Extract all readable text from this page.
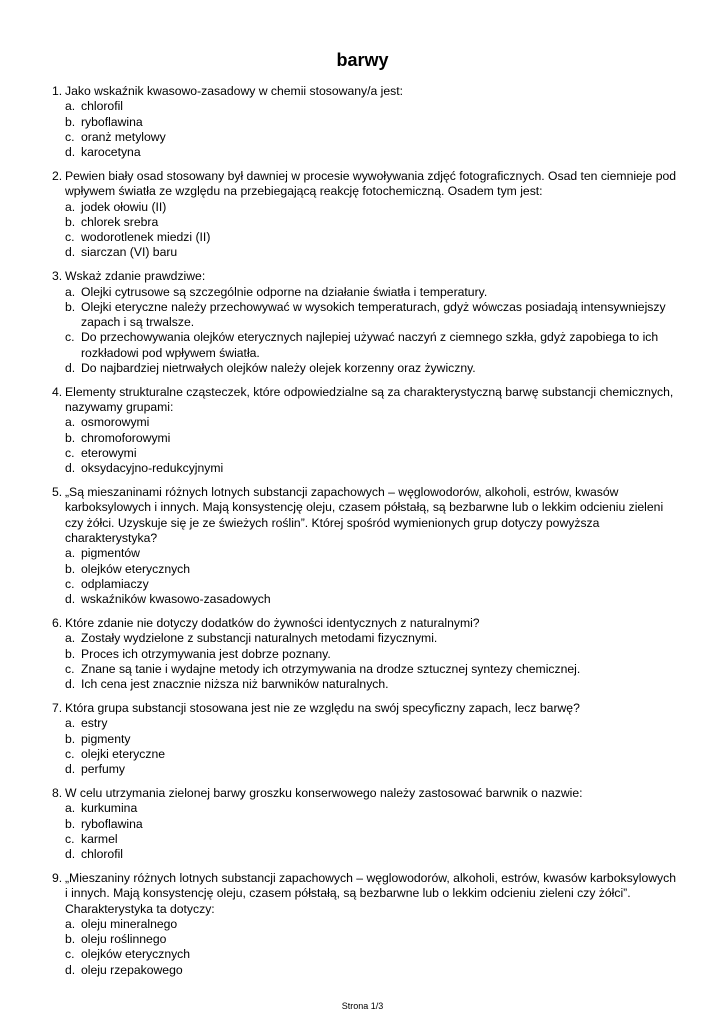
barwy
1. Jako wskaźnik kwasowo-zasadowy w chemii stosowany/a jest:
a. chlorofil
b. ryboflawina
c. oranż metylowy
d. karocetyna
2. Pewien biały osad stosowany był dawniej w procesie wywoływania zdjęć fotograficznych. Osad ten ciemnieje pod wpływem światła ze względu na przebiegającą reakcję fotochemiczną. Osadem tym jest:
a. jodek ołowiu (II)
b. chlorek srebra
c. wodorotlenek miedzi (II)
d. siarczan (VI) baru
3. Wskaż zdanie prawdziwe:
a. Olejki cytrusowe są szczególnie odporne na działanie światła i temperatury.
b. Olejki eteryczne należy przechowywać w wysokich temperaturach, gdyż wówczas posiadają intensywniejszy zapach i są trwalsze.
c. Do przechowywania olejków eterycznych najlepiej używać naczyń z ciemnego szkła, gdyż zapobiega to ich rozkładowi pod wpływem światła.
d. Do najbardziej nietrwałych olejków należy olejek korzenny oraz żywiczny.
4. Elementy strukturalne cząsteczek, które odpowiedzialne są za charakterystyczną barwę substancji chemicznych, nazywamy grupami:
a. osmorowymi
b. chromoforowymi
c. eterowymi
d. oksydacyjno-redukcyjnymi
5. „Są mieszaninami różnych lotnych substancji zapachowych – węglowodorów, alkoholi, estrów, kwasów karboksylowych i innych. Mają konsystencję oleju, czasem półstałą, są bezbarwne lub o lekkim odcieniu zieleni czy żółci. Uzyskuje się je ze świeżych roślin”. Której spośród wymienionych grup dotyczy powyższa charakterystyka?
a. pigmentów
b. olejków eterycznych
c. odplamiaczy
d. wskaźników kwasowo-zasadowych
6. Które zdanie nie dotyczy dodatków do żywności identycznych z naturalnymi?
a. Zostały wydzielone z substancji naturalnych metodami fizycznymi.
b. Proces ich otrzymywania jest dobrze poznany.
c. Znane są tanie i wydajne metody ich otrzymywania na drodze sztucznej syntezy chemicznej.
d. Ich cena jest znacznie niższa niż barwników naturalnych.
7. Która grupa substancji stosowana jest nie ze względu na swój specyficzny zapach, lecz barwę?
a. estry
b. pigmenty
c. olejki eteryczne
d. perfumy
8. W celu utrzymania zielonej barwy groszku konserwowego należy zastosować barwnik o nazwie:
a. kurkumina
b. ryboflawina
c. karmel
d. chlorofil
9. „Mieszaniny różnych lotnych substancji zapachowych – węglowodorów, alkoholi, estrów, kwasów karboksylowych i innych. Mają konsystencję oleju, czasem półstałą, są bezbarwne lub o lekkim odcieniu zieleni czy żółci”. Charakterystyka ta dotyczy:
a. oleju mineralnego
b. oleju roślinnego
c. olejków eterycznych
d. oleju rzepakowego
Strona 1/3
